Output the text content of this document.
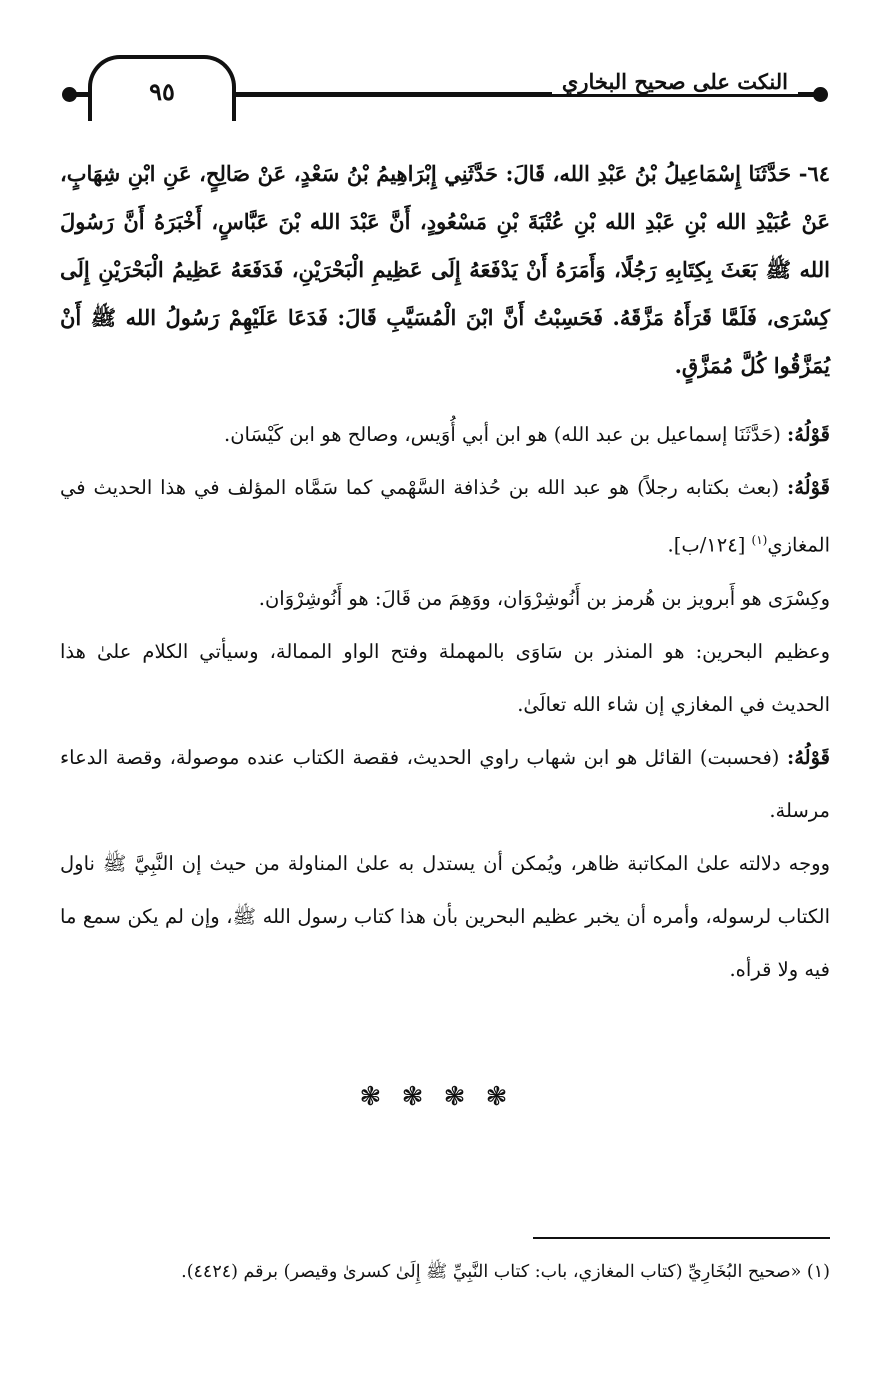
٩٥	النكت على صحيح البخاري

٦٤- حَدَّثَنَا إِسْمَاعِيلُ بْنُ عَبْدِ الله، قَالَ: حَدَّثَنِي إِبْرَاهِيمُ بْنُ سَعْدٍ، عَنْ صَالِحٍ، عَنِ ابْنِ شِهَابٍ، عَنْ عُبَيْدِ الله بْنِ عَبْدِ الله بْنِ عُتْبَةَ بْنِ مَسْعُودٍ، أَنَّ عَبْدَ الله بْنَ عَبَّاسٍ، أَخْبَرَهُ أَنَّ رَسُولَ الله ﷺ بَعَثَ بِكِتَابِهِ رَجُلًا، وَأَمَرَهُ أَنْ يَدْفَعَهُ إِلَى عَظِيمِ الْبَحْرَيْنِ، فَدَفَعَهُ عَظِيمُ الْبَحْرَيْنِ إِلَى كِسْرَى، فَلَمَّا قَرَأَهُ مَزَّقَهُ. فَحَسِبْتُ أَنَّ ابْنَ الْمُسَيَّبِ قَالَ: فَدَعَا عَلَيْهِمْ رَسُولُ الله ﷺ أَنْ يُمَزَّقُوا كُلَّ مُمَزَّقٍ.

قَوْلُهُ: (حَدَّثَنَا إسماعيل بن عبد الله) هو ابن أبي أُوَيس، وصالح هو ابن كَيْسَان.

قَوْلُهُ: (بعث بكتابه رجلاً) هو عبد الله بن حُذافة السَّهْمي كما سَمَّاه المؤلف في هذا الحديث في المغازي$^{(١)}$ [١٢٤/ب].

وكِسْرَى هو أَبرويز بن هُرمز بن أَنُوشِرْوَان، ووَهِمَ من قَالَ: هو أَنُوشِرْوَان.

وعظيم البحرين: هو المنذر بن سَاوَى بالمهملة وفتح الواو الممالة، وسيأتي الكلام علىٰ هذا الحديث في المغازي إن شاء الله تعالَىٰ.

قَوْلُهُ: (فحسبت) القائل هو ابن شهاب راوي الحديث، فقصة الكتاب عنده موصولة، وقصة الدعاء مرسلة.

ووجه دلالته علىٰ المكاتبة ظاهر، ويُمكن أن يستدل به علىٰ المناولة من حيث إن النَّبِيَّ ﷺ ناول الكتاب لرسوله، وأمره أن يخبر عظيم البحرين بأن هذا كتاب رسول الله ﷺ، وإن لم يكن سمع ما فيه ولا قرأه.

❃ ❃ ❃ ❃
(١) «صحيح البُخَارِيِّ (كتاب المغازي، باب: كتاب النَّبِيِّ ﷺ إِلَىٰ كسرىٰ وقيصر) برقم (٤٤٢٤).
